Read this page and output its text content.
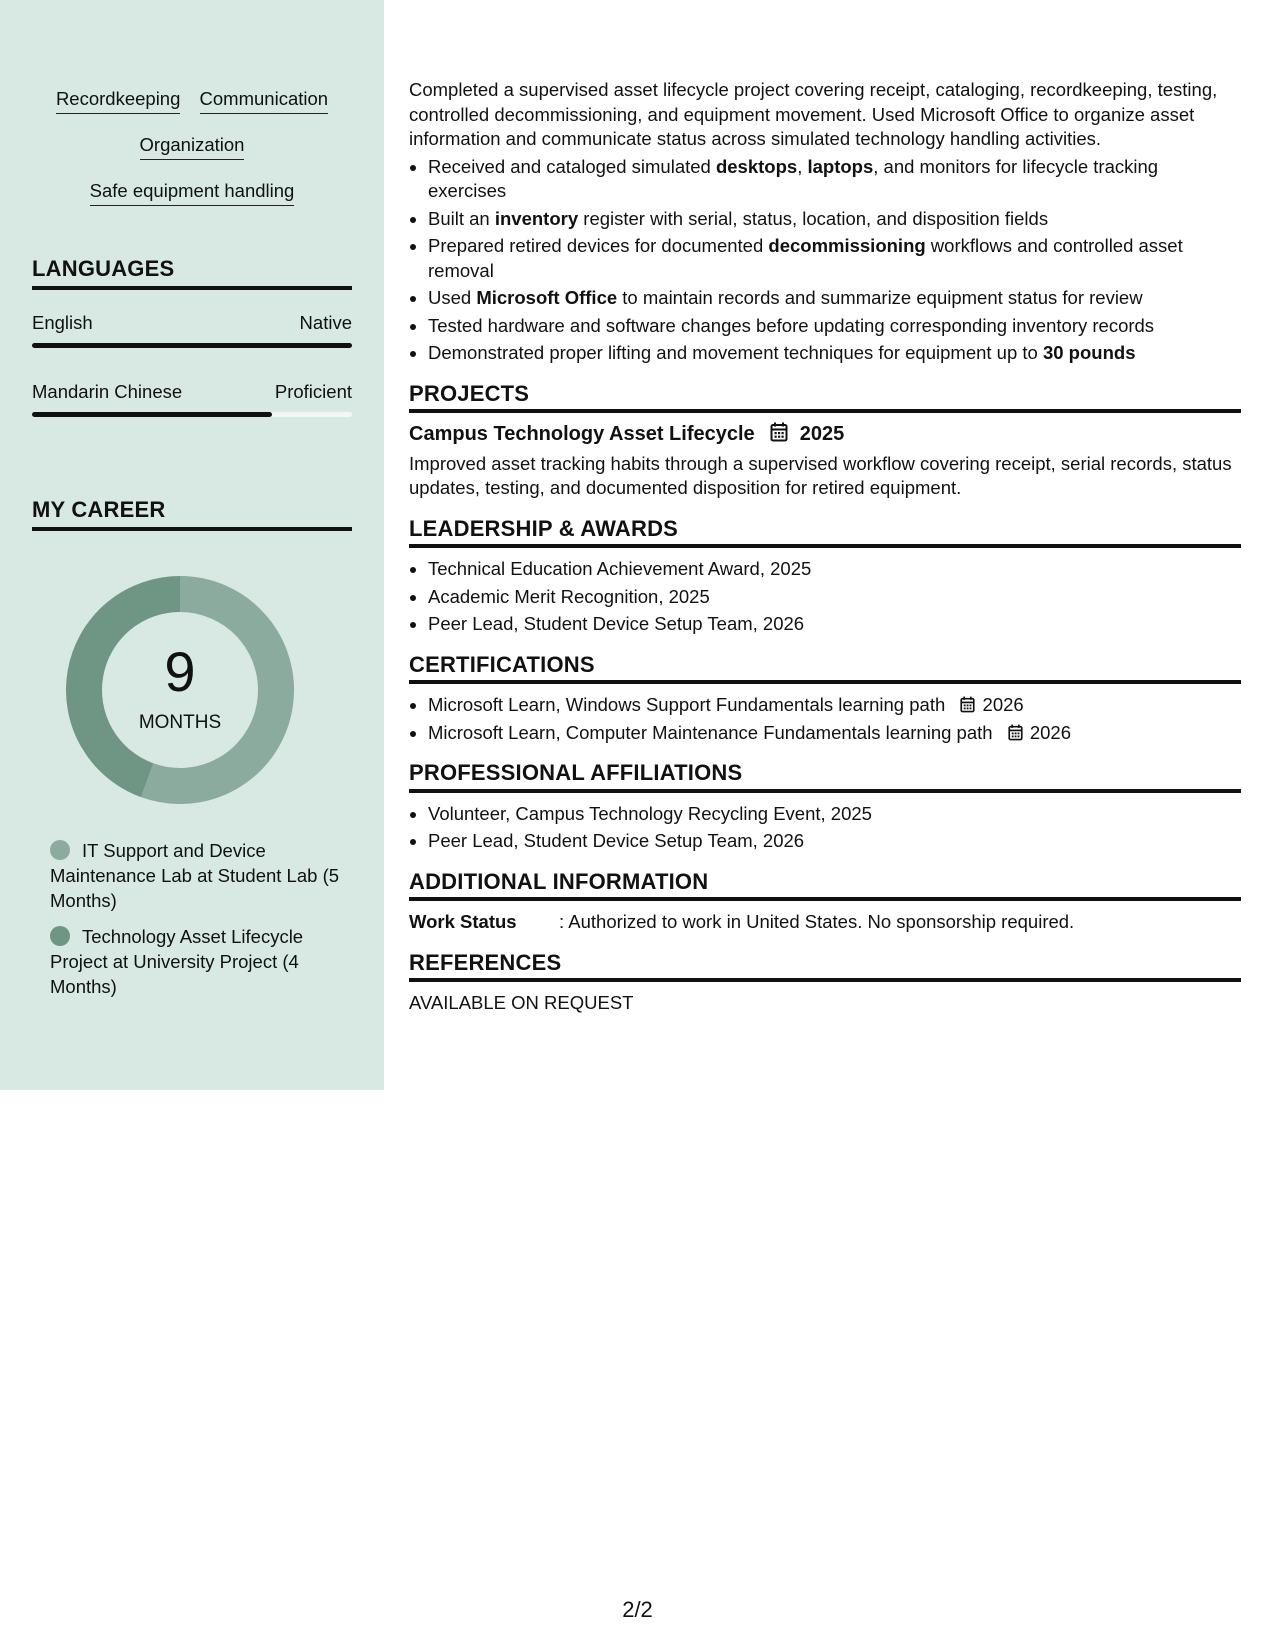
Recordkeeping Communication
Organization
Safe equipment handling
LANGUAGES
English	Native
Mandarin Chinese	Proficient
MY CAREER
9
MONTHS
IT Support and Device Maintenance Lab at Student Lab (5 Months)
Technology Asset Lifecycle Project at University Project (4 Months)

Completed a supervised asset lifecycle project covering receipt, cataloging, recordkeeping, testing, controlled decommissioning, and equipment movement. Used Microsoft Office to organize asset information and communicate status across simulated technology handling activities.

• Received and cataloged simulated desktops, laptops, and monitors for lifecycle tracking exercises
• Built an inventory register with serial, status, location, and disposition fields
• Prepared retired devices for documented decommissioning workflows and controlled asset removal
• Used Microsoft Office to maintain records and summarize equipment status for review
• Tested hardware and software changes before updating corresponding inventory records
• Demonstrated proper lifting and movement techniques for equipment up to 30 pounds
PROJECTS
Campus Technology Asset Lifecycle 2025

Improved asset tracking habits through a supervised workflow covering receipt, serial records, status updates, testing, and documented disposition for retired equipment.

LEADERSHIP & AWARDS
• Technical Education Achievement Award, 2025
• Academic Merit Recognition, 2025
• Peer Lead, Student Device Setup Team, 2026
CERTIFICATIONS
• Microsoft Learn, Windows Support Fundamentals learning path 2026
• Microsoft Learn, Computer Maintenance Fundamentals learning path 2026
PROFESSIONAL AFFILIATIONS
• Volunteer, Campus Technology Recycling Event, 2025
• Peer Lead, Student Device Setup Team, 2026
ADDITIONAL INFORMATION
Work Status	: Authorized to work in United States. No sponsorship required.
REFERENCES

AVAILABLE ON REQUEST

2/2
